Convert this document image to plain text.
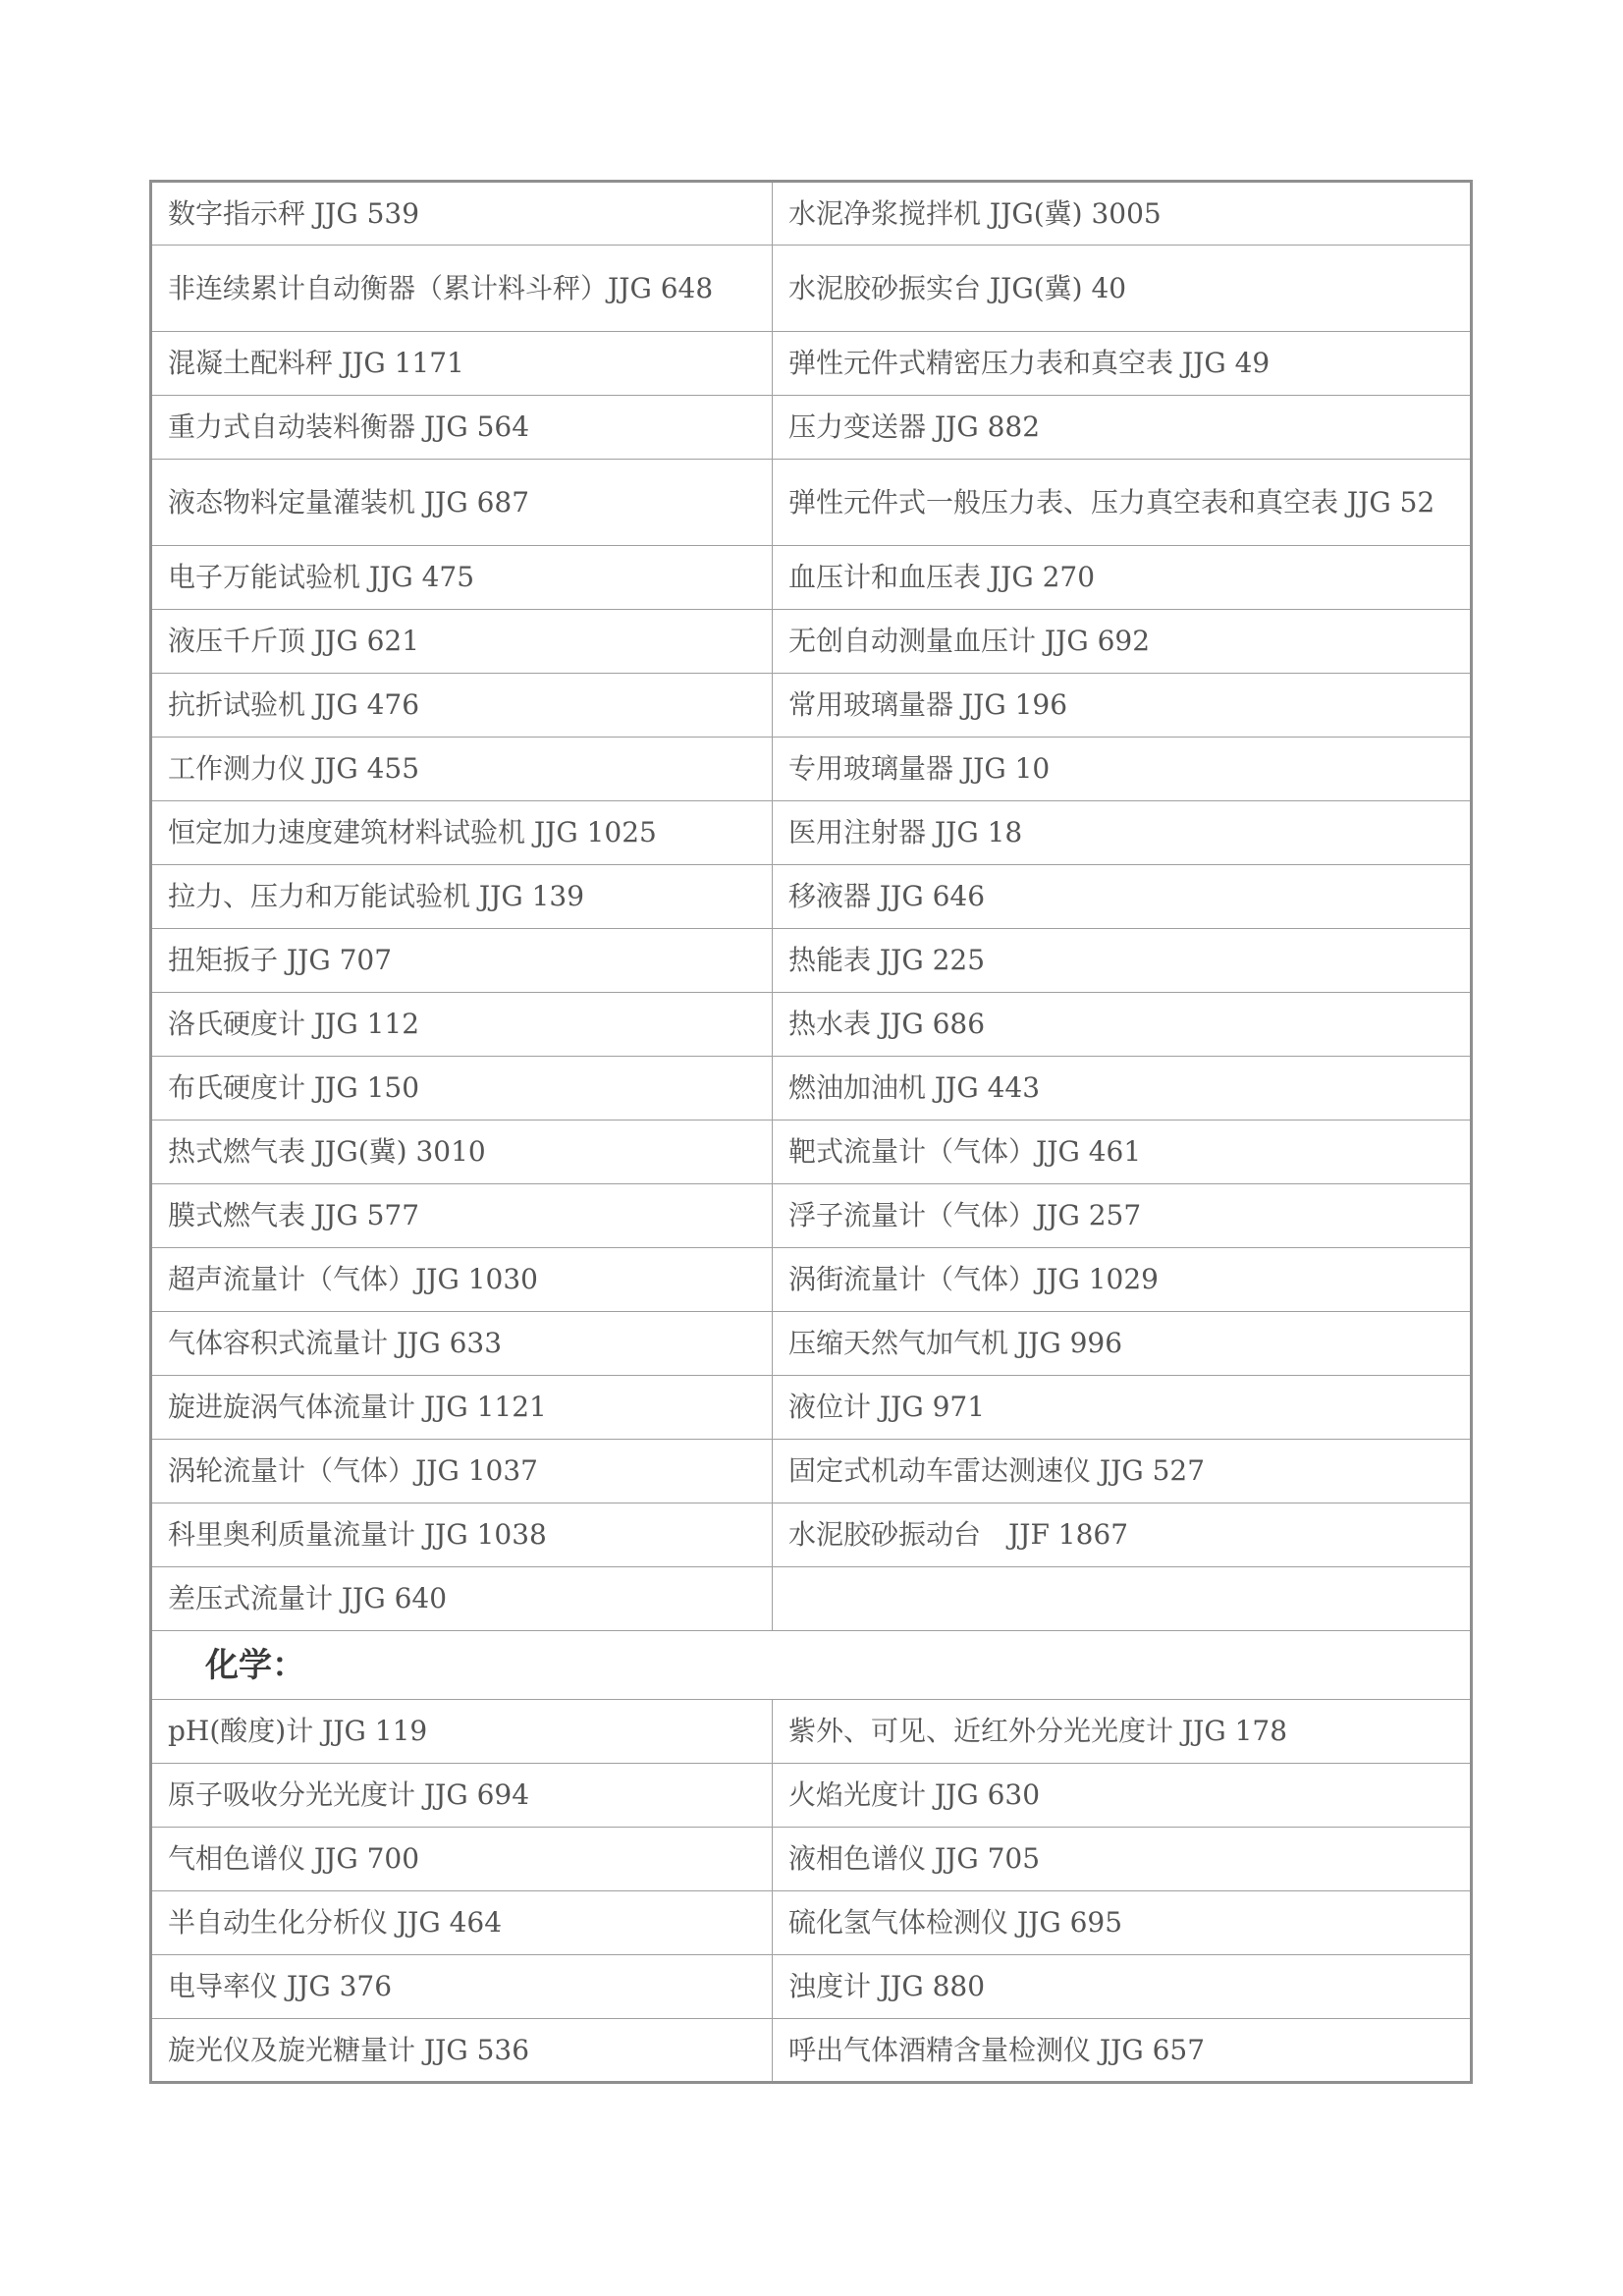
数字指示秤 JJG 539	水泥净浆搅拌机 JJG(冀) 3005
非连续累计自动衡器（累计料斗秤）JJG 648	水泥胶砂振实台 JJG(冀) 40
混凝土配料秤 JJG 1171	弹性元件式精密压力表和真空表 JJG 49
重力式自动装料衡器 JJG 564	压力变送器 JJG 882
液态物料定量灌装机 JJG 687	弹性元件式一般压力表、压力真空表和真空表 JJG 52
电子万能试验机 JJG 475	血压计和血压表 JJG 270
液压千斤顶 JJG 621	无创自动测量血压计 JJG 692
抗折试验机 JJG 476	常用玻璃量器 JJG 196
工作测力仪 JJG 455	专用玻璃量器 JJG 10
恒定加力速度建筑材料试验机 JJG 1025	医用注射器 JJG 18
拉力、压力和万能试验机 JJG 139	移液器 JJG 646
扭矩扳子 JJG 707	热能表 JJG 225
洛氏硬度计 JJG 112	热水表 JJG 686
布氏硬度计 JJG 150	燃油加油机 JJG 443
热式燃气表 JJG(冀) 3010	靶式流量计（气体）JJG 461
膜式燃气表 JJG 577	浮子流量计（气体）JJG 257
超声流量计（气体）JJG 1030	涡街流量计（气体）JJG 1029
气体容积式流量计 JJG 633	压缩天然气加气机 JJG 996
旋进旋涡气体流量计 JJG 1121	液位计 JJG 971
涡轮流量计（气体）JJG 1037	固定式机动车雷达测速仪 JJG 527
科里奥利质量流量计 JJG 1038	水泥胶砂振动台　JJF 1867
差压式流量计 JJG 640	
化学：	
pH(酸度)计 JJG 119	紫外、可见、近红外分光光度计 JJG 178
原子吸收分光光度计 JJG 694	火焰光度计 JJG 630
气相色谱仪 JJG 700	液相色谱仪 JJG 705
半自动生化分析仪 JJG 464	硫化氢气体检测仪 JJG 695
电导率仪 JJG 376	浊度计 JJG 880
旋光仪及旋光糖量计 JJG 536	呼出气体酒精含量检测仪 JJG 657
